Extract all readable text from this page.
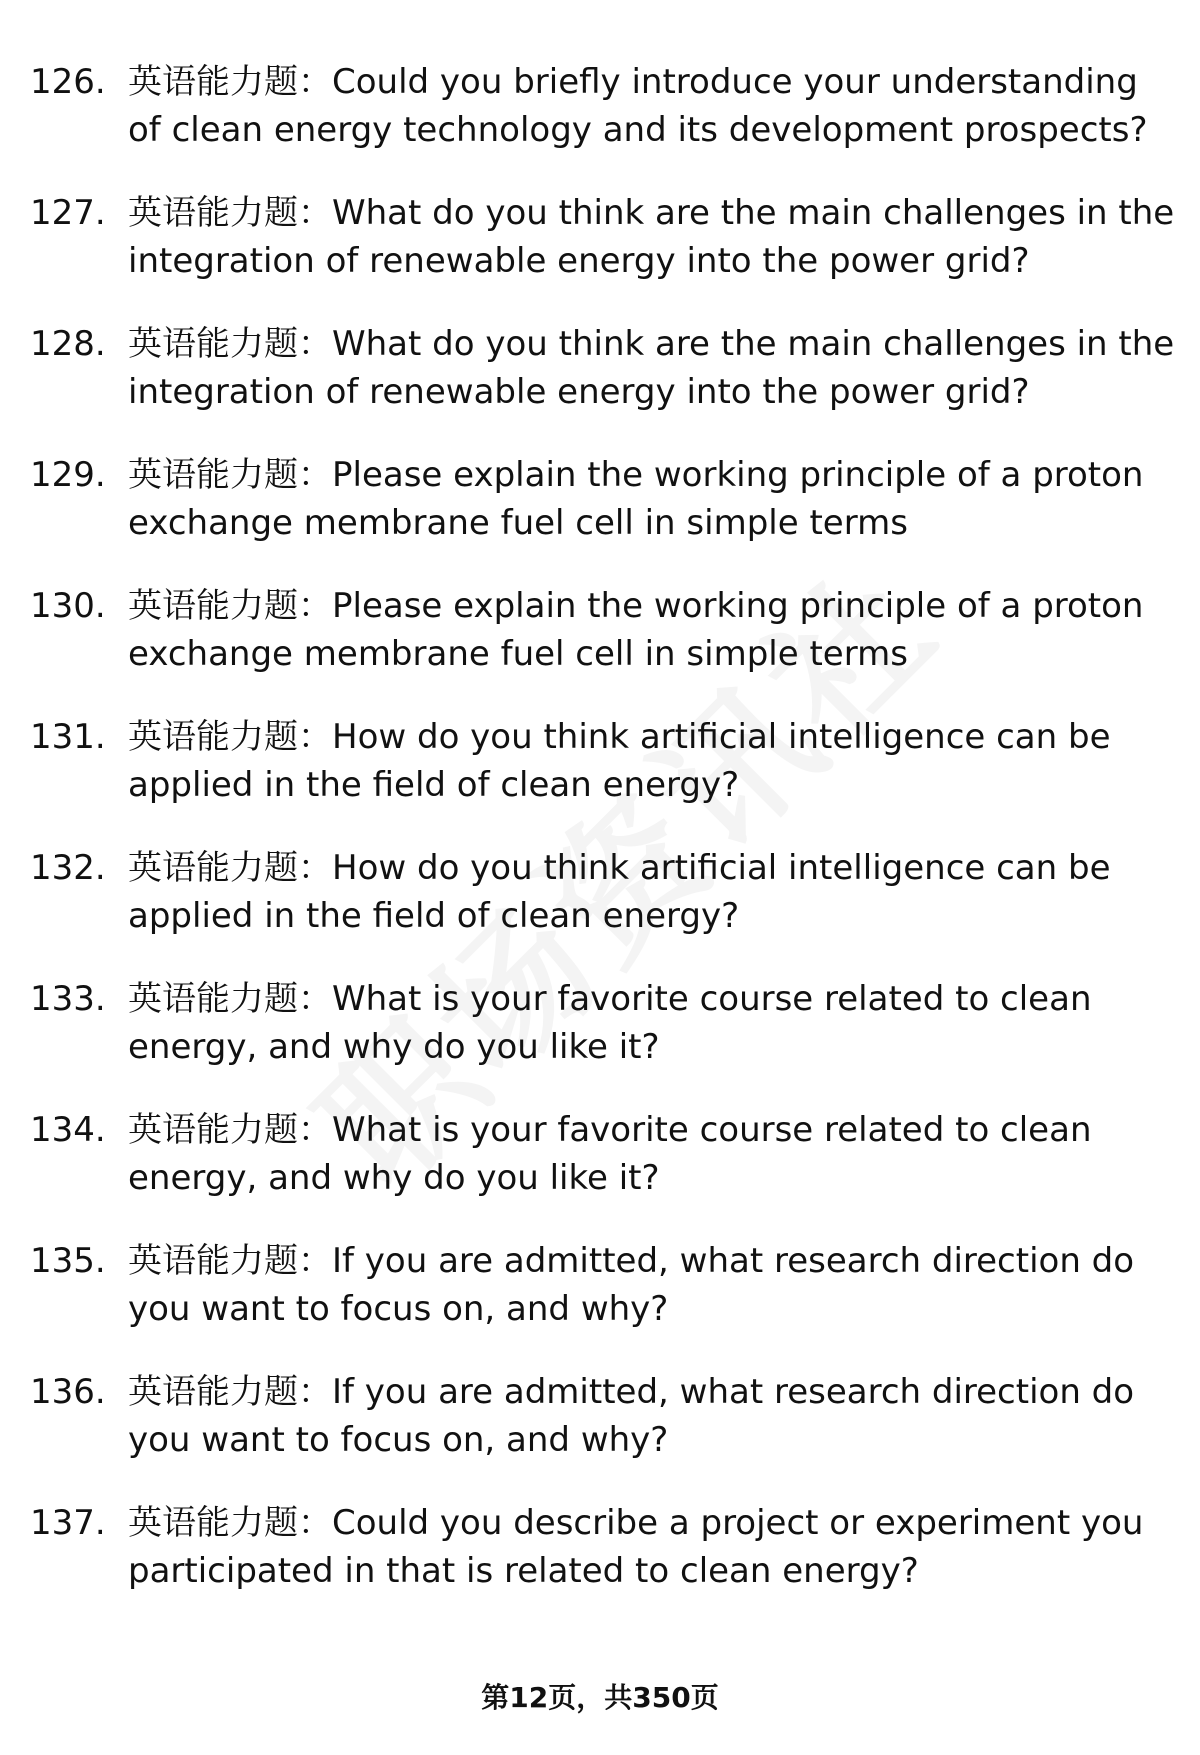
126. 英语能力题：Could you briefly introduce your understanding of clean energy technology and its development prospects?
127. 英语能力题：What do you think are the main challenges in the integration of renewable energy into the power grid?
128. 英语能力题：What do you think are the main challenges in the integration of renewable energy into the power grid?
129. 英语能力题：Please explain the working principle of a proton exchange membrane fuel cell in simple terms
130. 英语能力题：Please explain the working principle of a proton exchange membrane fuel cell in simple terms
131. 英语能力题：How do you think artificial intelligence can be applied in the field of clean energy?
132. 英语能力题：How do you think artificial intelligence can be applied in the field of clean energy?
133. 英语能力题：What is your favorite course related to clean energy, and why do you like it?
134. 英语能力题：What is your favorite course related to clean energy, and why do you like it?
135. 英语能力题：If you are admitted, what research direction do you want to focus on, and why?
136. 英语能力题：If you are admitted, what research direction do you want to focus on, and why?
137. 英语能力题：Could you describe a project or experiment you participated in that is related to clean energy?
第12页，共350页
